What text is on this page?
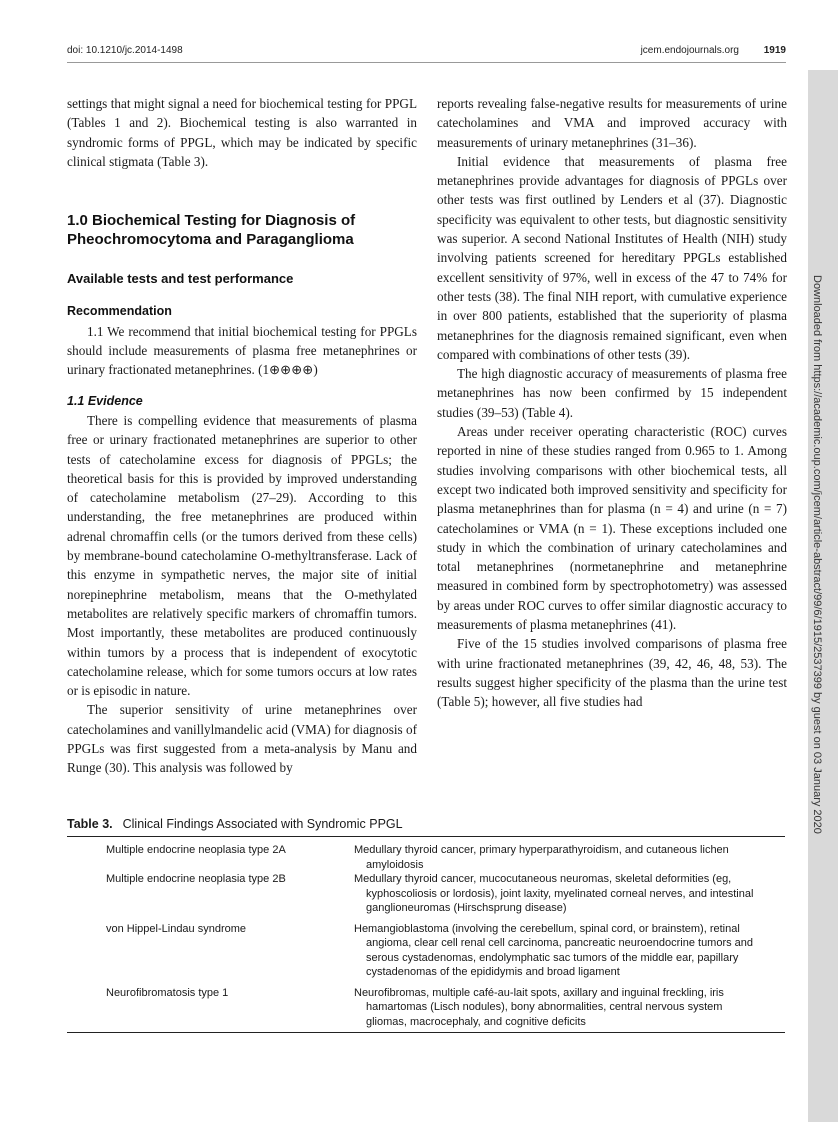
doi: 10.1210/jc.2014-1498	jcem.endojournals.org 1919
Downloaded from https://academic.oup.com/jcem/article-abstract/99/6/1915/2537399 by guest on 03 January 2020

settings that might signal a need for biochemical testing for PPGL (Tables 1 and 2). Biochemical testing is also warranted in syndromic forms of PPGL, which may be indicated by specific clinical stigmata (Table 3).

1.0 Biochemical Testing for Diagnosis of Pheochromocytoma and Paraganglioma
Available tests and test performance
Recommendation

1.1 We recommend that initial biochemical testing for PPGLs should include measurements of plasma free metanephrines or urinary fractionated metanephrines. (1⊕⊕⊕⊕)

1.1 Evidence

There is compelling evidence that measurements of plasma free or urinary fractionated metanephrines are superior to other tests of catecholamine excess for diagnosis of PPGLs; the theoretical basis for this is provided by improved understanding of catecholamine metabolism (27–29). According to this understanding, the free metanephrines are produced within adrenal chromaffin cells (or the tumors derived from these cells) by membrane-bound catecholamine O-methyltransferase. Lack of this enzyme in sympathetic nerves, the major site of initial norepinephrine metabolism, means that the O-methylated metabolites are relatively specific markers of chromaffin tumors. Most importantly, these metabolites are produced continuously within tumors by a process that is independent of exocytotic catecholamine release, which for some tumors occurs at low rates or is episodic in nature.

The superior sensitivity of urine metanephrines over catecholamines and vanillylmandelic acid (VMA) for diagnosis of PPGLs was first suggested from a meta-analysis by Manu and Runge (30). This analysis was followed by

reports revealing false-negative results for measurements of urine catecholamines and VMA and improved accuracy with measurements of urinary metanephrines (31–36).

Initial evidence that measurements of plasma free metanephrines provide advantages for diagnosis of PPGLs over other tests was first outlined by Lenders et al (37). Diagnostic specificity was equivalent to other tests, but diagnostic sensitivity was superior. A second National Institutes of Health (NIH) study involving patients screened for hereditary PPGLs established excellent sensitivity of 97%, well in excess of the 47 to 74% for other tests (38). The final NIH report, with cumulative experience in over 800 patients, established that the superiority of plasma metanephrines for the diagnosis remained significant, even when compared with combinations of other tests (39).

The high diagnostic accuracy of measurements of plasma free metanephrines has now been confirmed by 15 independent studies (39–53) (Table 4).

Areas under receiver operating characteristic (ROC) curves reported in nine of these studies ranged from 0.965 to 1. Among studies involving comparisons with other biochemical tests, all except two indicated both improved sensitivity and specificity for plasma metanephrines than for plasma (n = 4) and urine (n = 7) catecholamines or VMA (n = 1). These exceptions included one study in which the combination of urinary catecholamines and total metanephrines (normetanephrine and metanephrine measured in combined form by spectrophotometry) was assessed by areas under ROC curves to offer similar diagnostic accuracy to measurements of plasma metanephrines (41).

Five of the 15 studies involved comparisons of plasma free with urine fractionated metanephrines (39, 42, 46, 48, 53). The results suggest higher specificity of the plasma than the urine test (Table 5); however, all five studies had

Table 3. Clinical Findings Associated with Syndromic PPGL
Multiple endocrine neoplasia type 2A	Medullary thyroid cancer, primary hyperparathyroidism, and cutaneous lichen amyloidosis

Multiple endocrine neoplasia type 2B	Medullary thyroid cancer, mucocutaneous neuromas, skeletal deformities (eg, kyphoscoliosis or lordosis), joint laxity, myelinated corneal nerves, and intestinal ganglioneuromas (Hirschsprung disease)

von Hippel-Lindau syndrome	Hemangioblastoma (involving the cerebellum, spinal cord, or brainstem), retinal angioma, clear cell renal cell carcinoma, pancreatic neuroendocrine tumors and serous cystadenomas, endolymphatic sac tumors of the middle ear, papillary cystadenomas of the epididymis and broad ligament

Neurofibromatosis type 1	Neurofibromas, multiple café-au-lait spots, axillary and inguinal freckling, iris hamartomas (Lisch nodules), bony abnormalities, central nervous system gliomas, macrocephaly, and cognitive deficits
